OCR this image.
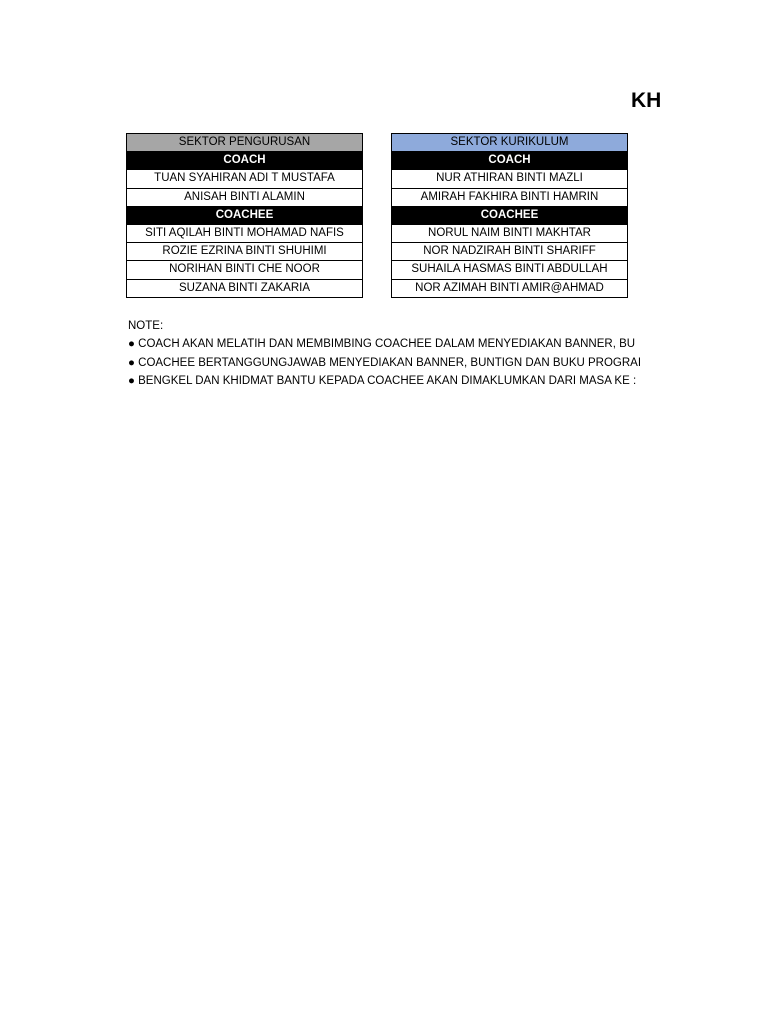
KH
SEKTOR PENGURUSAN
COACH
TUAN SYAHIRAN ADI T MUSTAFA
ANISAH BINTI ALAMIN
COACHEE
SITI AQILAH BINTI MOHAMAD NAFIS
ROZIE EZRINA BINTI SHUHIMI
NORIHAN BINTI CHE NOOR
SUZANA BINTI ZAKARIA
SEKTOR KURIKULUM
COACH
NUR ATHIRAN BINTI MAZLI
AMIRAH FAKHIRA BINTI HAMRIN
COACHEE
NORUL NAIM BINTI MAKHTAR
NOR NADZIRAH BINTI SHARIFF
SUHAILA HASMAS BINTI ABDULLAH
NOR AZIMAH BINTI AMIR@AHMAD
NOTE:
● COACH AKAN MELATIH DAN MEMBIMBING COACHEE DALAM MENYEDIAKAN BANNER, BU
● COACHEE BERTANGGUNGJAWAB MENYEDIAKAN BANNER, BUNTIGN DAN BUKU PROGRAI
● BENGKEL DAN KHIDMAT BANTU KEPADA COACHEE AKAN DIMAKLUMKAN DARI MASA KE :
